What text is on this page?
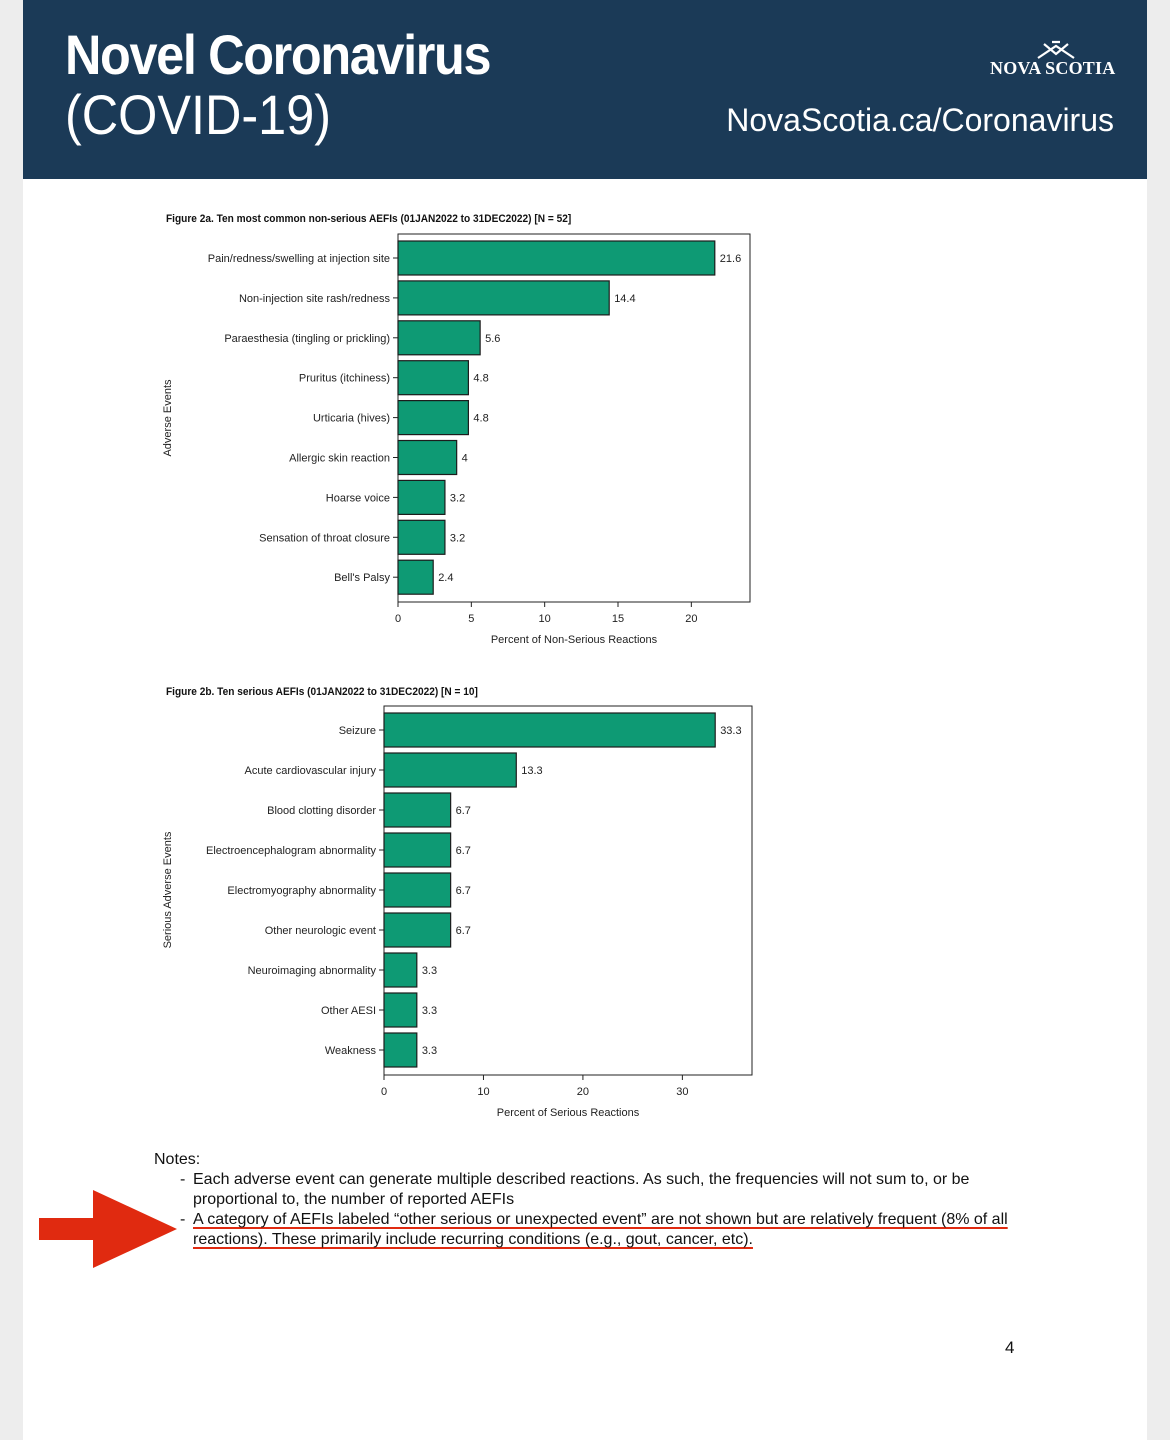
Novel Coronavirus
(COVID-19)
NOVA SCOTIA
NovaScotia.ca/Coronavirus
Figure 2a. Ten most common non-serious AEFIs (01JAN2022 to 31DEC2022) [N = 52]
Pain/redness/swelling at injection site	21.6
Non-injection site rash/redness	14.4
Paraesthesia (tingling or prickling)	5.6
Pruritus (itchiness)	4.8
Urticaria (hives)	4.8
Allergic skin reaction	4
Hoarse voice	3.2
Sensation of throat closure	3.2
Bell's Palsy	2.4
0	5	10	15	20
Percent of Non-Serious Reactions
Adverse Events
Figure 2b. Ten serious AEFIs (01JAN2022 to 31DEC2022) [N = 10]
Seizure	33.3
Acute cardiovascular injury	13.3
Blood clotting disorder	6.7
Electroencephalogram abnormality	6.7
Electromyography abnormality	6.7
Other neurologic event	6.7
Neuroimaging abnormality	3.3
Other AESI	3.3
Weakness	3.3
0	10	20	30
Percent of Serious Reactions
Serious Adverse Events
Notes:
- Each adverse event can generate multiple described reactions. As such, the frequencies will not sum to, or be proportional to, the number of reported AEFIs
- A category of AEFIs labeled “other serious or unexpected event” are not shown but are relatively frequent (8% of all reactions). These primarily include recurring conditions (e.g., gout, cancer, etc).
4
